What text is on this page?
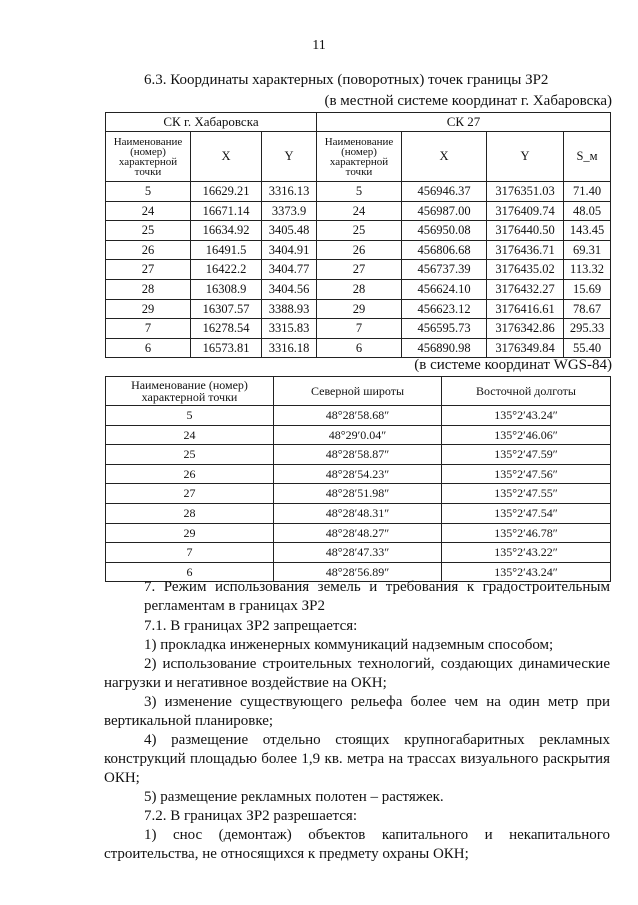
11
6.3. Координаты характерных (поворотных) точек границы ЗР2
(в местной системе координат г. Хабаровска)
СК г. Хабаровска			СК 27			
Наименование (номер) характерной точки	X	Y	Наименование (номер) характерной точки	X	Y	S_м
5	16629.21	3316.13	5	456946.37	3176351.03	71.40
24	16671.14	3373.9	24	456987.00	3176409.74	48.05
25	16634.92	3405.48	25	456950.08	3176440.50	143.45
26	16491.5	3404.91	26	456806.68	3176436.71	69.31
27	16422.2	3404.77	27	456737.39	3176435.02	113.32
28	16308.9	3404.56	28	456624.10	3176432.27	15.69
29	16307.57	3388.93	29	456623.12	3176416.61	78.67
7	16278.54	3315.83	7	456595.73	3176342.86	295.33
6	16573.81	3316.18	6	456890.98	3176349.84	55.40
(в системе координат WGS-84)
Наименование (номер) характерной точки	Северной широты	Восточной долготы
5	48°28′58.68″	135°2′43.24″
24	48°29′0.04″	135°2′46.06″
25	48°28′58.87″	135°2′47.59″
26	48°28′54.23″	135°2′47.56″
27	48°28′51.98″	135°2′47.55″
28	48°28′48.31″	135°2′47.54″
29	48°28′48.27″	135°2′46.78″
7	48°28′47.33″	135°2′43.22″
6	48°28′56.89″	135°2′43.24″
7. Режим использования земель и требования к градостроительным регламентам в границах ЗР2
7.1. В границах ЗР2 запрещается:
1) прокладка инженерных коммуникаций надземным способом;
2) использование строительных технологий, создающих динамические нагрузки и негативное воздействие на ОКН;
3) изменение существующего рельефа более чем на один метр при вертикальной планировке;
4) размещение отдельно стоящих крупногабаритных рекламных конструкций площадью более 1,9 кв. метра на трассах визуального раскрытия ОКН;
5) размещение рекламных полотен – растяжек.
7.2. В границах ЗР2 разрешается:
1) снос (демонтаж) объектов капитального и некапитального строительства, не относящихся к предмету охраны ОКН;
